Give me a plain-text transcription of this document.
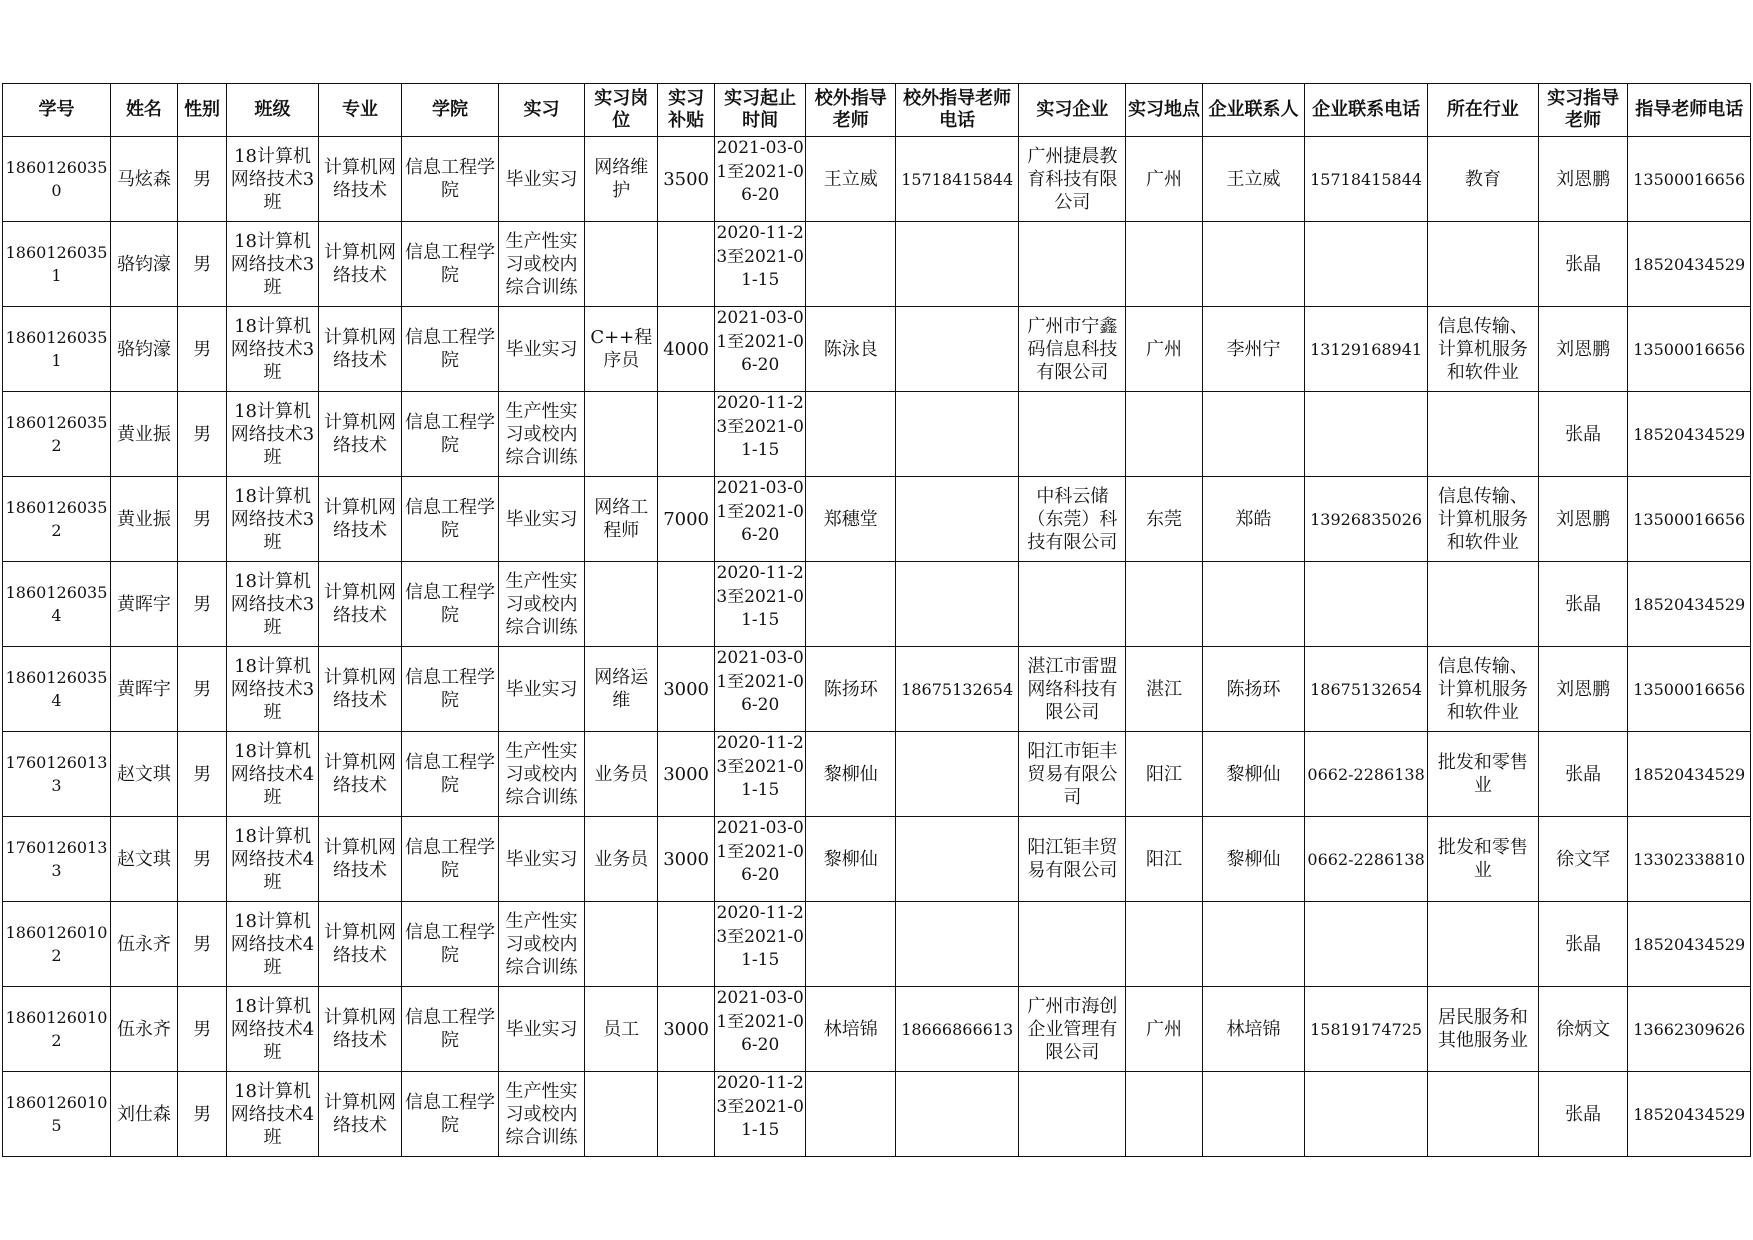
学号	姓名	性别	班级	专业	学院	实习	实习岗位	实习补贴	实习起止时间	校外指导老师	校外指导老师电话	实习企业	实习地点	企业联系人	企业联系电话	所在行业	实习指导老师	指导老师电话
18601260350	马炫森	男	18计算机网络技术3班	计算机网络技术	信息工程学院	毕业实习	网络维护	3500	2021-03-01至2021-06-20	王立威	15718415844	广州捷晨教育科技有限公司	广州	王立威	15718415844	教育	刘恩鹏	13500016656
18601260351	骆钧濠	男	18计算机网络技术3班	计算机网络技术	信息工程学院	生产性实习或校内综合训练			2020-11-23至2021-01-15								张晶	18520434529
18601260351	骆钧濠	男	18计算机网络技术3班	计算机网络技术	信息工程学院	毕业实习	C++程序员	4000	2021-03-01至2021-06-20	陈泳良		广州市宁鑫码信息科技有限公司	广州	李州宁	13129168941	信息传输、计算机服务和软件业	刘恩鹏	13500016656
18601260352	黄业振	男	18计算机网络技术3班	计算机网络技术	信息工程学院	生产性实习或校内综合训练			2020-11-23至2021-01-15								张晶	18520434529
18601260352	黄业振	男	18计算机网络技术3班	计算机网络技术	信息工程学院	毕业实习	网络工程师	7000	2021-03-01至2021-06-20	郑穗堂		中科云储（东莞）科技有限公司	东莞	郑皓	13926835026	信息传输、计算机服务和软件业	刘恩鹏	13500016656
18601260354	黄晖宇	男	18计算机网络技术3班	计算机网络技术	信息工程学院	生产性实习或校内综合训练			2020-11-23至2021-01-15								张晶	18520434529
18601260354	黄晖宇	男	18计算机网络技术3班	计算机网络技术	信息工程学院	毕业实习	网络运维	3000	2021-03-01至2021-06-20	陈扬环	18675132654	湛江市雷盟网络科技有限公司	湛江	陈扬环	18675132654	信息传输、计算机服务和软件业	刘恩鹏	13500016656
17601260133	赵文琪	男	18计算机网络技术4班	计算机网络技术	信息工程学院	生产性实习或校内综合训练	业务员	3000	2020-11-23至2021-01-15	黎柳仙		阳江市钜丰贸易有限公司	阳江	黎柳仙	0662-2286138	批发和零售业	张晶	18520434529
17601260133	赵文琪	男	18计算机网络技术4班	计算机网络技术	信息工程学院	毕业实习	业务员	3000	2021-03-01至2021-06-20	黎柳仙		阳江钜丰贸易有限公司	阳江	黎柳仙	0662-2286138	批发和零售业	徐文罕	13302338810
18601260102	伍永齐	男	18计算机网络技术4班	计算机网络技术	信息工程学院	生产性实习或校内综合训练			2020-11-23至2021-01-15								张晶	18520434529
18601260102	伍永齐	男	18计算机网络技术4班	计算机网络技术	信息工程学院	毕业实习	员工	3000	2021-03-01至2021-06-20	林培锦	18666866613	广州市海创企业管理有限公司	广州	林培锦	15819174725	居民服务和其他服务业	徐炳文	13662309626
18601260105	刘仕森	男	18计算机网络技术4班	计算机网络技术	信息工程学院	生产性实习或校内综合训练			2020-11-23至2021-01-15								张晶	18520434529
